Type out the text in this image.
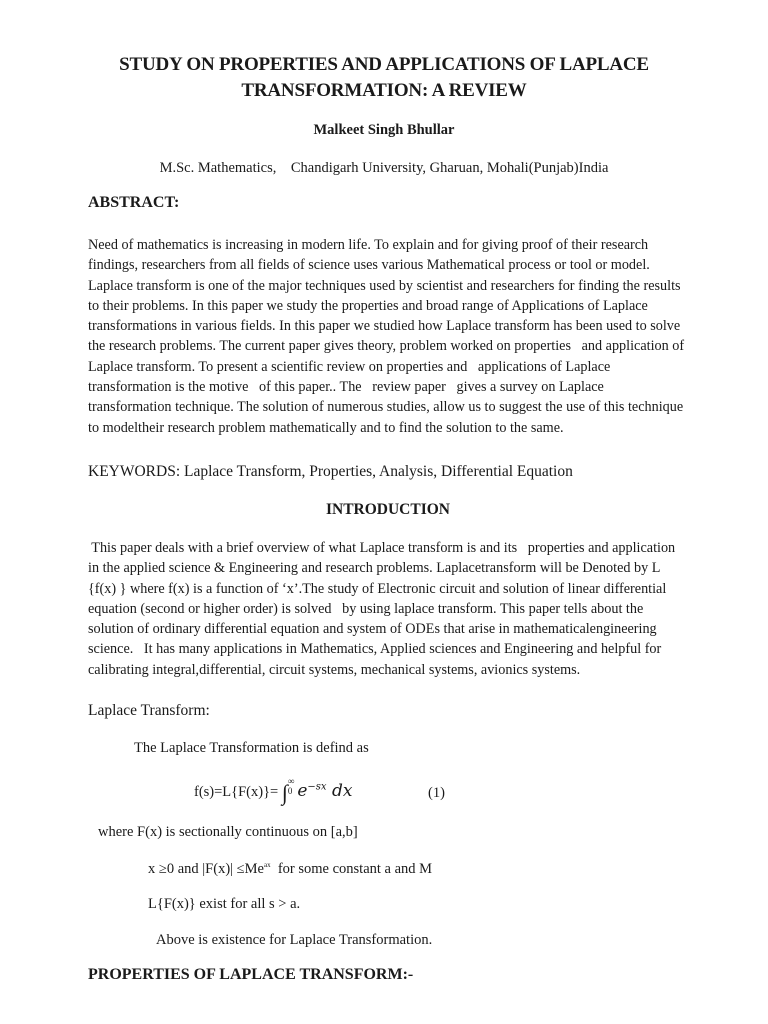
STUDY ON PROPERTIES AND APPLICATIONS OF LAPLACE
TRANSFORMATION: A REVIEW
Malkeet Singh Bhullar
M.Sc. Mathematics,    Chandigarh University, Gharuan, Mohali(Punjab)India
ABSTRACT:
Need of mathematics is increasing in modern life. To explain and for giving proof of their research
findings, researchers from all fields of science uses various Mathematical process or tool or model.
Laplace transform is one of the major techniques used by scientist and researchers for finding the results
to their problems. In this paper we study the properties and broad range of Applications of Laplace
transformations in various fields. In this paper we studied how Laplace transform has been used to solve
the research problems. The current paper gives theory, problem worked on properties   and application of
Laplace transform. To present a scientific review on properties and   applications of Laplace
transformation is the motive   of this paper.. The   review paper   gives a survey on Laplace
transformation technique. The solution of numerous studies, allow us to suggest the use of this technique
to modeltheir research problem mathematically and to find the solution to the same.
KEYWORDS: Laplace Transform, Properties, Analysis, Differential Equation
INTRODUCTION
This paper deals with a brief overview of what Laplace transform is and its   properties and application
in the applied science & Engineering and research problems. Laplacetransform will be Denoted by L
{f(x) } where f(x) is a function of ‘x’.The study of Electronic circuit and solution of linear differential
equation (second or higher order) is solved   by using laplace transform. This paper tells about the
solution of ordinary differential equation and system of ODEs that arise in mathematicalengineering
science.   It has many applications in Mathematics, Applied sciences and Engineering and helpful for
calibrating integral,differential, circuit systems, mechanical systems, avionics systems.
Laplace Transform:
The Laplace Transformation is defind as
f(s)=L{F(x)}= ∫∞
0 $e^{-sx}$ dx	(1)
where F(x) is sectionally continuous on [a,b]
x ≥0 and $|F(x)| \le Me^{ax}$  for some constant a and M
L{F(x)} exist for all s > a.
Above is existence for Laplace Transformation.
PROPERTIES OF LAPLACE TRANSFORM:-
